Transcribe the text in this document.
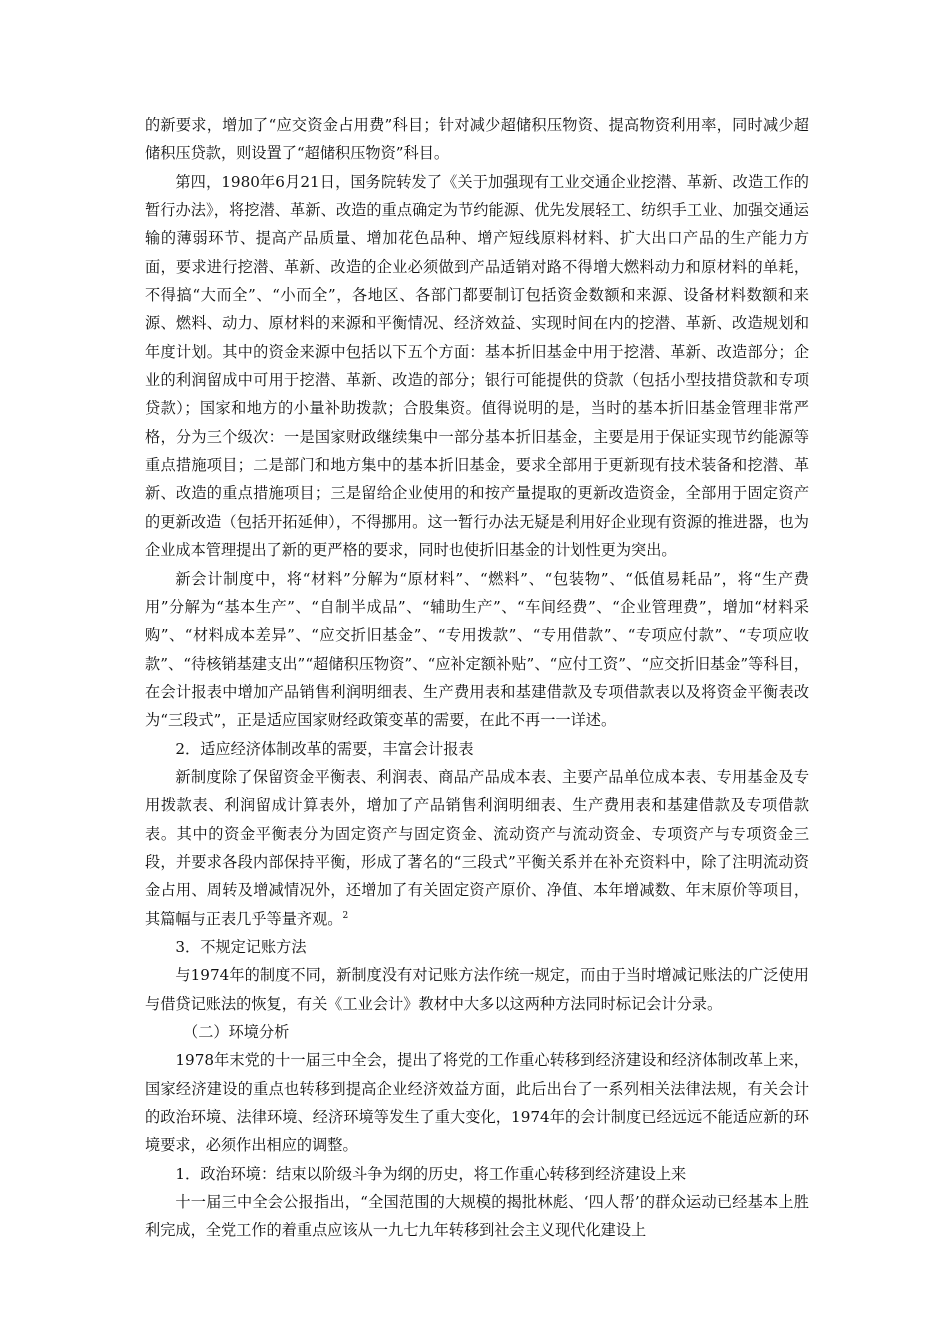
的新要求，增加了“应交资金占用费”科目；针对减少超储积压物资、提高物资利用率，同时减少超储积压贷款，则设置了“超储积压物资”科目。

第四，1980年6月21日，国务院转发了《关于加强现有工业交通企业挖潜、革新、改造工作的暂行办法》，将挖潜、革新、改造的重点确定为节约能源、优先发展轻工、纺织手工业、加强交通运输的薄弱环节、提高产品质量、增加花色品种、增产短线原料材料、扩大出口产品的生产能力方面，要求进行挖潜、革新、改造的企业必须做到产品适销对路不得增大燃料动力和原材料的单耗，不得搞“大而全”、“小而全”，各地区、各部门都要制订包括资金数额和来源、设备材料数额和来源、燃料、动力、原材料的来源和平衡情况、经济效益、实现时间在内的挖潜、革新、改造规划和年度计划。其中的资金来源中包括以下五个方面：基本折旧基金中用于挖潜、革新、改造部分；企业的利润留成中可用于挖潜、革新、改造的部分；银行可能提供的贷款（包括小型技措贷款和专项贷款）；国家和地方的小量补助拨款；合股集资。值得说明的是，当时的基本折旧基金管理非常严格，分为三个级次：一是国家财政继续集中一部分基本折旧基金，主要是用于保证实现节约能源等重点措施项目；二是部门和地方集中的基本折旧基金，要求全部用于更新现有技术装备和挖潜、革新、改造的重点措施项目；三是留给企业使用的和按产量提取的更新改造资金，全部用于固定资产的更新改造（包括开拓延伸），不得挪用。这一暂行办法无疑是利用好企业现有资源的推进器，也为企业成本管理提出了新的更严格的要求，同时也使折旧基金的计划性更为突出。

新会计制度中，将“材料”分解为“原材料”、“燃料”、“包装物”、“低值易耗品”，将“生产费用”分解为“基本生产”、“自制半成品”、“辅助生产”、“车间经费”、“企业管理费”，增加“材料采购”、“材料成本差异”、“应交折旧基金”、“专用拨款”、“专用借款”、“专项应付款”、“专项应收款”、“待核销基建支出”“超储积压物资”、“应补定额补贴”、“应付工资”、“应交折旧基金”等科目，在会计报表中增加产品销售利润明细表、生产费用表和基建借款及专项借款表以及将资金平衡表改为“三段式”，正是适应国家财经政策变革的需要，在此不再一一详述。

2．适应经济体制改革的需要，丰富会计报表

新制度除了保留资金平衡表、利润表、商品产品成本表、主要产品单位成本表、专用基金及专用拨款表、利润留成计算表外，增加了产品销售利润明细表、生产费用表和基建借款及专项借款表。其中的资金平衡表分为固定资产与固定资金、流动资产与流动资金、专项资产与专项资金三段，并要求各段内部保持平衡，形成了著名的“三段式”平衡关系并在补充资料中，除了注明流动资金占用、周转及增减情况外，还增加了有关固定资产原价、净值、本年增减数、年末原价等项目，其篇幅与正表几乎等量齐观。$^2$

3．不规定记账方法

与1974年的制度不同，新制度没有对记账方法作统一规定，而由于当时增减记账法的广泛使用与借贷记账法的恢复，有关《工业会计》教材中大多以这两种方法同时标记会计分录。

（二）环境分析

1978年末党的十一届三中全会，提出了将党的工作重心转移到经济建设和经济体制改革上来，国家经济建设的重点也转移到提高企业经济效益方面，此后出台了一系列相关法律法规，有关会计的政治环境、法律环境、经济环境等发生了重大变化，1974年的会计制度已经远远不能适应新的环境要求，必须作出相应的调整。

1．政治环境：结束以阶级斗争为纲的历史，将工作重心转移到经济建设上来

十一届三中全会公报指出，“全国范围的大规模的揭批林彪、‘四人帮’的群众运动已经基本上胜利完成，全党工作的着重点应该从一九七九年转移到社会主义现代化建设上
